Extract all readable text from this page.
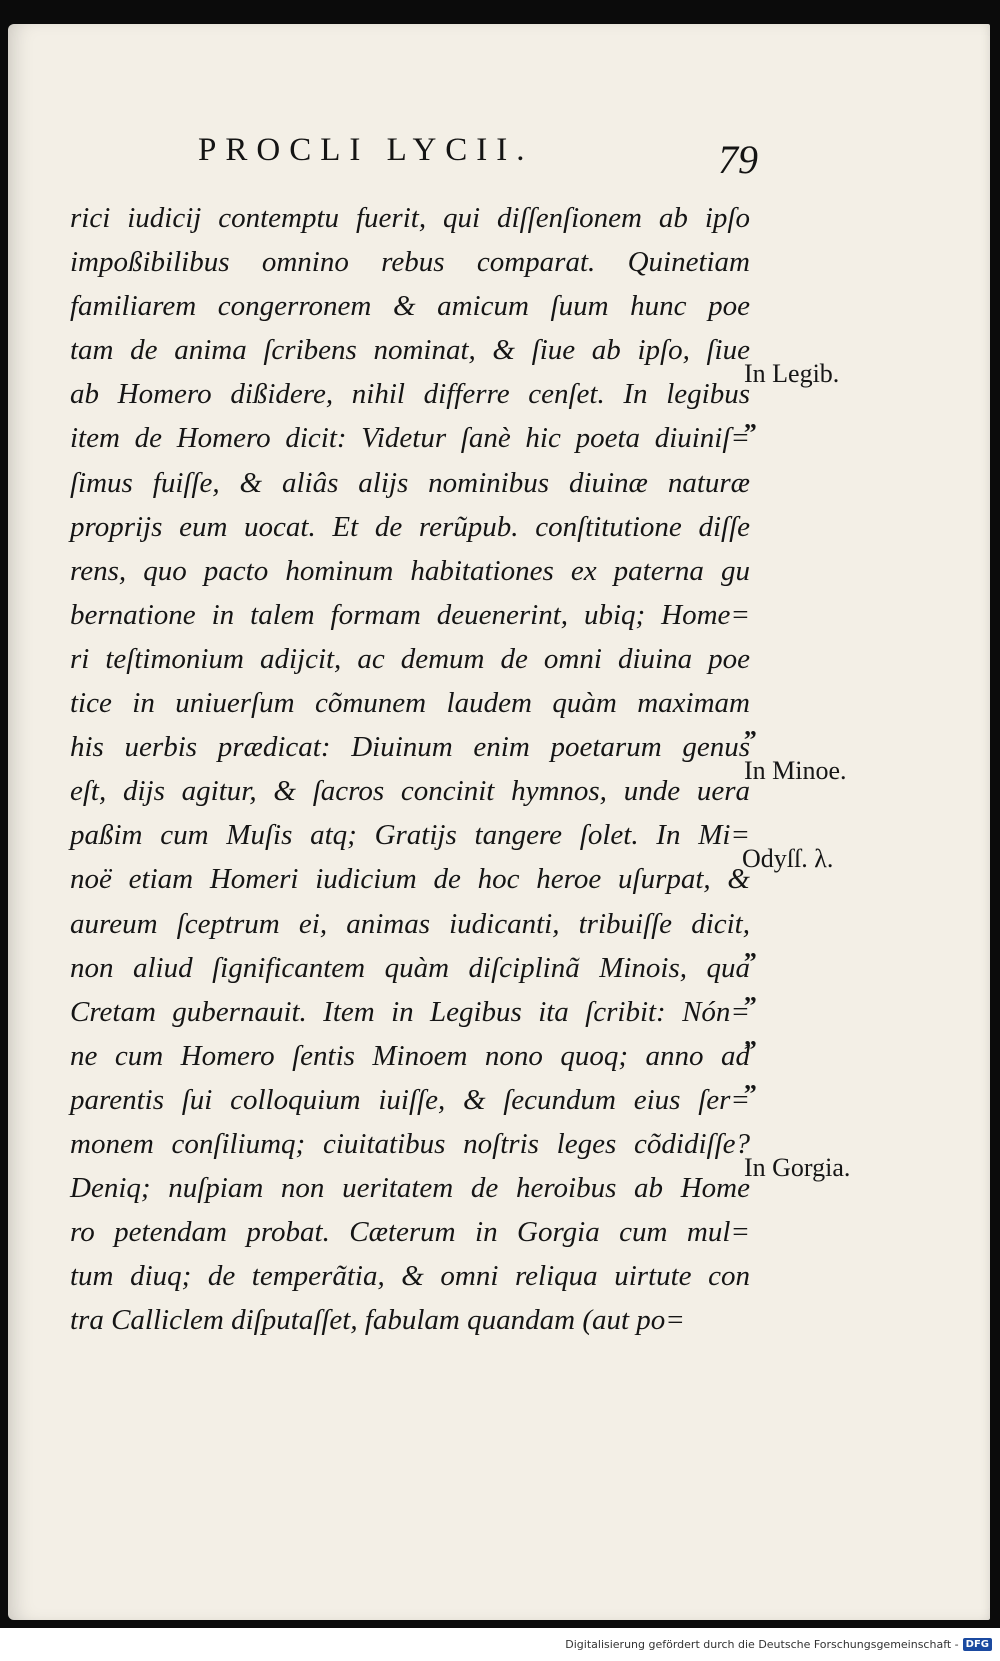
PROCLI LYCII.	79
rici iudicij contemptu fuerit, qui diſſenſionem ab ipſo
impoßibilibus omnino rebus comparat. Quinetiam
familiarem congerronem & amicum ſuum hunc poe
tam de anima ſcribens nominat, & ſiue ab ipſo, ſiue
ab Homero dißidere, nihil differre cenſet. In legibus
item de Homero dicit: Videtur ſanè hic poeta diuiniſ=
ſimus fuiſſe, & aliâs alijs nominibus diuinæ naturæ
proprijs eum uocat. Et de rerũpub. conſtitutione diſſe
rens, quo pacto hominum habitationes ex paterna gu
bernatione in talem formam deuenerint, ubiq; Home=
ri teſtimonium adijcit, ac demum de omni diuina poe
tice in uniuerſum cõmunem laudem quàm maximam
his uerbis prædicat: Diuinum enim poetarum genus
eſt, dijs agitur, & ſacros concinit hymnos, unde uera
paßim cum Muſis atq; Gratijs tangere ſolet. In Mi=
noë etiam Homeri iudicium de hoc heroe uſurpat, &
aureum ſceptrum ei, animas iudicanti, tribuiſſe dicit,
non aliud ſignificantem quàm diſciplinã Minois, qua
Cretam gubernauit. Item in Legibus ita ſcribit: Nón=
ne cum Homero ſentis Minoem nono quoq; anno ad
parentis ſui colloquium iuiſſe, & ſecundum eius ſer=
monem conſiliumq; ciuitatibus noſtris leges cõdidiſſe?
Deniq; nuſpiam non ueritatem de heroibus ab Home
ro petendam probat. Cæterum in Gorgia cum mul=
tum diuq; de temperãtia, & omni reliqua uirtute con
tra Calliclem diſputaſſet, fabulam quandam (aut po=
In Legib.
In Minoe.
Odyſſ. λ.
In Gorgia.
„
„
„
„
„
„
Digitalisierung gefördert durch die Deutsche Forschungsgemeinschaft - DFG
